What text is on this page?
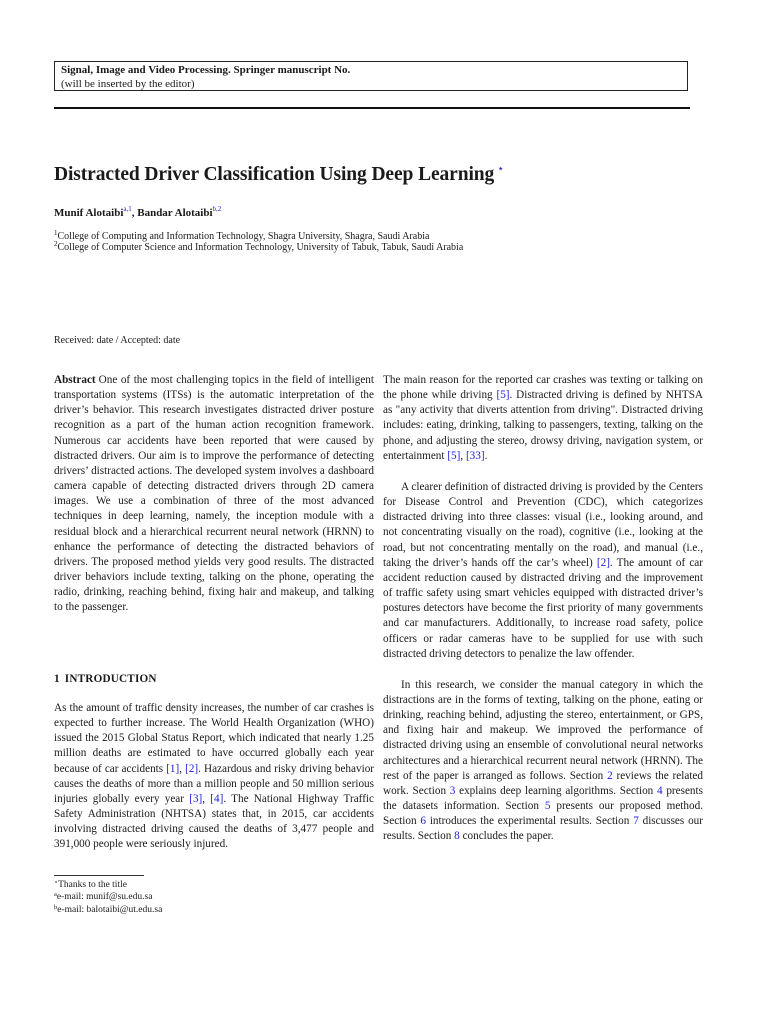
Signal, Image and Video Processing. Springer manuscript No.
(will be inserted by the editor)
Distracted Driver Classification Using Deep Learning ⋆
Munif Alotaibi$^{a,1}$, Bandar Alotaibi$^{b,2}$
$^1$College of Computing and Information Technology, Shagra University, Shagra, Saudi Arabia
$^2$College of Computer Science and Information Technology, University of Tabuk, Tabuk, Saudi Arabia
Received: date / Accepted: date

Abstract One of the most challenging topics in the field of intelligent transportation systems (ITSs) is the automatic interpretation of the driver’s behavior. This research investigates distracted driver posture recognition as a part of the human action recognition framework. Numerous car accidents have been reported that were caused by distracted drivers. Our aim is to improve the performance of detecting drivers’ distracted actions. The developed system involves a dashboard camera capable of detecting distracted drivers through 2D camera images. We use a combination of three of the most advanced techniques in deep learning, namely, the inception module with a residual block and a hierarchical recurrent neural network (HRNN) to enhance the performance of detecting the distracted behaviors of drivers. The proposed method yields very good results. The distracted driver behaviors include texting, talking on the phone, operating the radio, drinking, reaching behind, fixing hair and makeup, and talking to the passenger.

1 INTRODUCTION

As the amount of traffic density increases, the number of car crashes is expected to further increase. The World Health Organization (WHO) issued the 2015 Global Status Report, which indicated that nearly 1.25 million deaths are estimated to have occurred globally each year because of car accidents [1], [2]. Hazardous and risky driving behavior causes the deaths of more than a million people and 50 million serious injuries globally every year [3], [4]. The National Highway Traffic Safety Administration (NHTSA) states that, in 2015, car accidents involving distracted driving caused the deaths of 3,477 people and 391,000 people were seriously injured.

⋆Thanks to the title
$^a$e-mail: munif@su.edu.sa
$^b$e-mail: balotaibi@ut.edu.sa

The main reason for the reported car crashes was texting or talking on the phone while driving [5]. Distracted driving is defined by NHTSA as "any activity that diverts attention from driving". Distracted driving includes: eating, drinking, talking to passengers, texting, talking on the phone, and adjusting the stereo, drowsy driving, navigation system, or entertainment [5], [33].

A clearer definition of distracted driving is provided by the Centers for Disease Control and Prevention (CDC), which categorizes distracted driving into three classes: visual (i.e., looking around, and not concentrating visually on the road), cognitive (i.e., looking at the road, but not concentrating mentally on the road), and manual (i.e., taking the driver’s hands off the car’s wheel) [2]. The amount of car accident reduction caused by distracted driving and the improvement of traffic safety using smart vehicles equipped with distracted driver’s postures detectors have become the first priority of many governments and car manufacturers. Additionally, to increase road safety, police officers or radar cameras have to be supplied for use with such distracted driving detectors to penalize the law offender.

In this research, we consider the manual category in which the distractions are in the forms of texting, talking on the phone, eating or drinking, reaching behind, adjusting the stereo, entertainment, or GPS, and fixing hair and makeup. We improved the performance of distracted driving using an ensemble of convolutional neural networks architectures and a hierarchical recurrent neural network (HRNN). The rest of the paper is arranged as follows. Section 2 reviews the related work. Section 3 explains deep learning algorithms. Section 4 presents the datasets information. Section 5 presents our proposed method. Section 6 introduces the experimental results. Section 7 discusses our results. Section 8 concludes the paper.
